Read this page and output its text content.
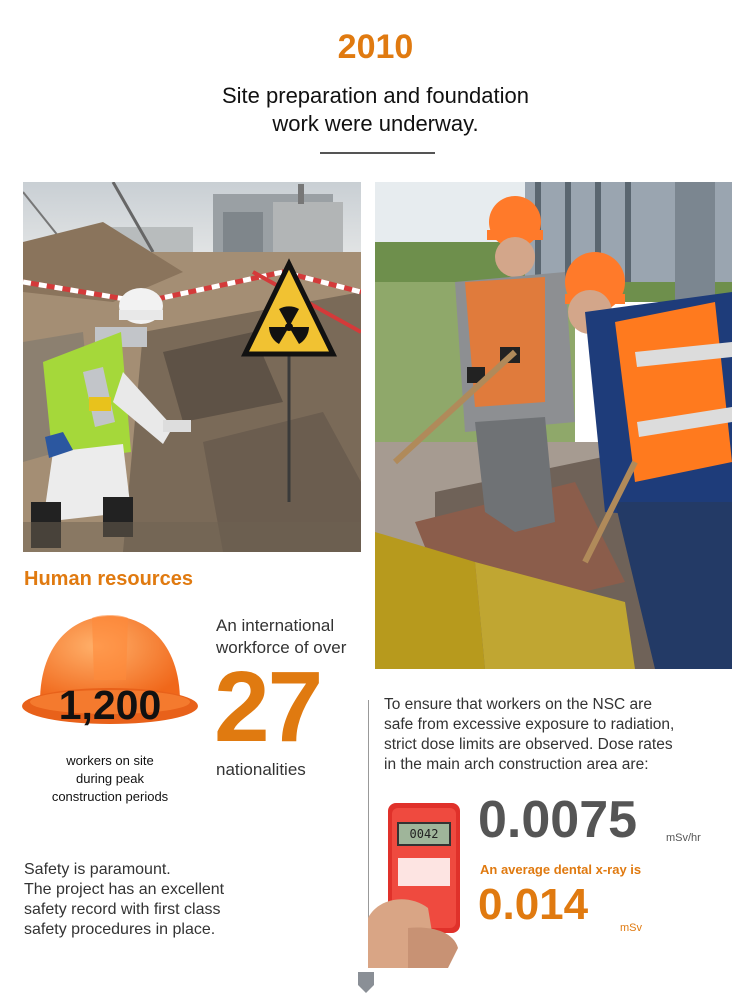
2010
Site preparation and foundation
work were underway.
Human resources
1,200
workers on site
during peak
construction periods
An international
workforce of over
27
nationalities
Safety is paramount.
The project has an excellent
safety record with first class
safety procedures in place.
To ensure that workers on the NSC are
safe from excessive exposure to radiation,
strict dose limits are observed. Dose rates
in the main arch construction area are:
0042 0.0075	mSv/hr
An average dental x-ray is
0.014	mSv
